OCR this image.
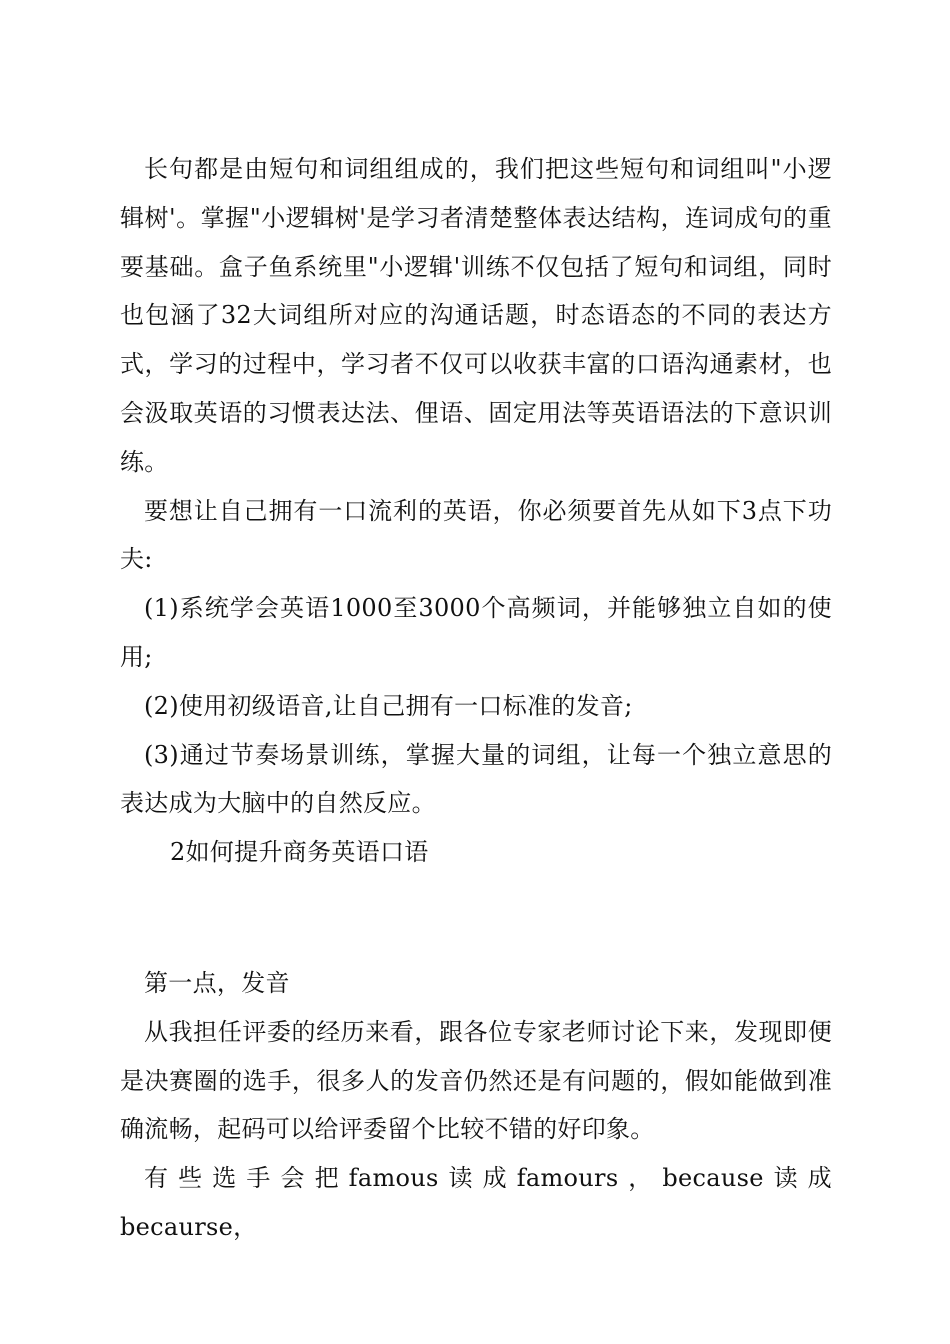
长句都是由短句和词组组成的，我们把这些短句和词组叫"小逻辑树'。掌握"小逻辑树'是学习者清楚整体表达结构，连词成句的重要基础。盒子鱼系统里"小逻辑'训练不仅包括了短句和词组，同时也包涵了32大词组所对应的沟通话题，时态语态的不同的表达方式，学习的过程中，学习者不仅可以收获丰富的口语沟通素材，也会汲取英语的习惯表达法、俚语、固定用法等英语语法的下意识训练。

要想让自己拥有一口流利的英语，你必须要首先从如下3点下功夫:

(1)系统学会英语1000至3000个高频词，并能够独立自如的使用;

(2)使用初级语音,让自己拥有一口标准的发音;

(3)通过节奏场景训练，掌握大量的词组，让每一个独立意思的表达成为大脑中的自然反应。

2如何提升商务英语口语

第一点，发音

从我担任评委的经历来看，跟各位专家老师讨论下来，发现即便是决赛圈的选手，很多人的发音仍然还是有问题的，假如能做到准确流畅，起码可以给评委留个比较不错的好印象。

有些选手会把famous读成famours，because读成becaurse，
